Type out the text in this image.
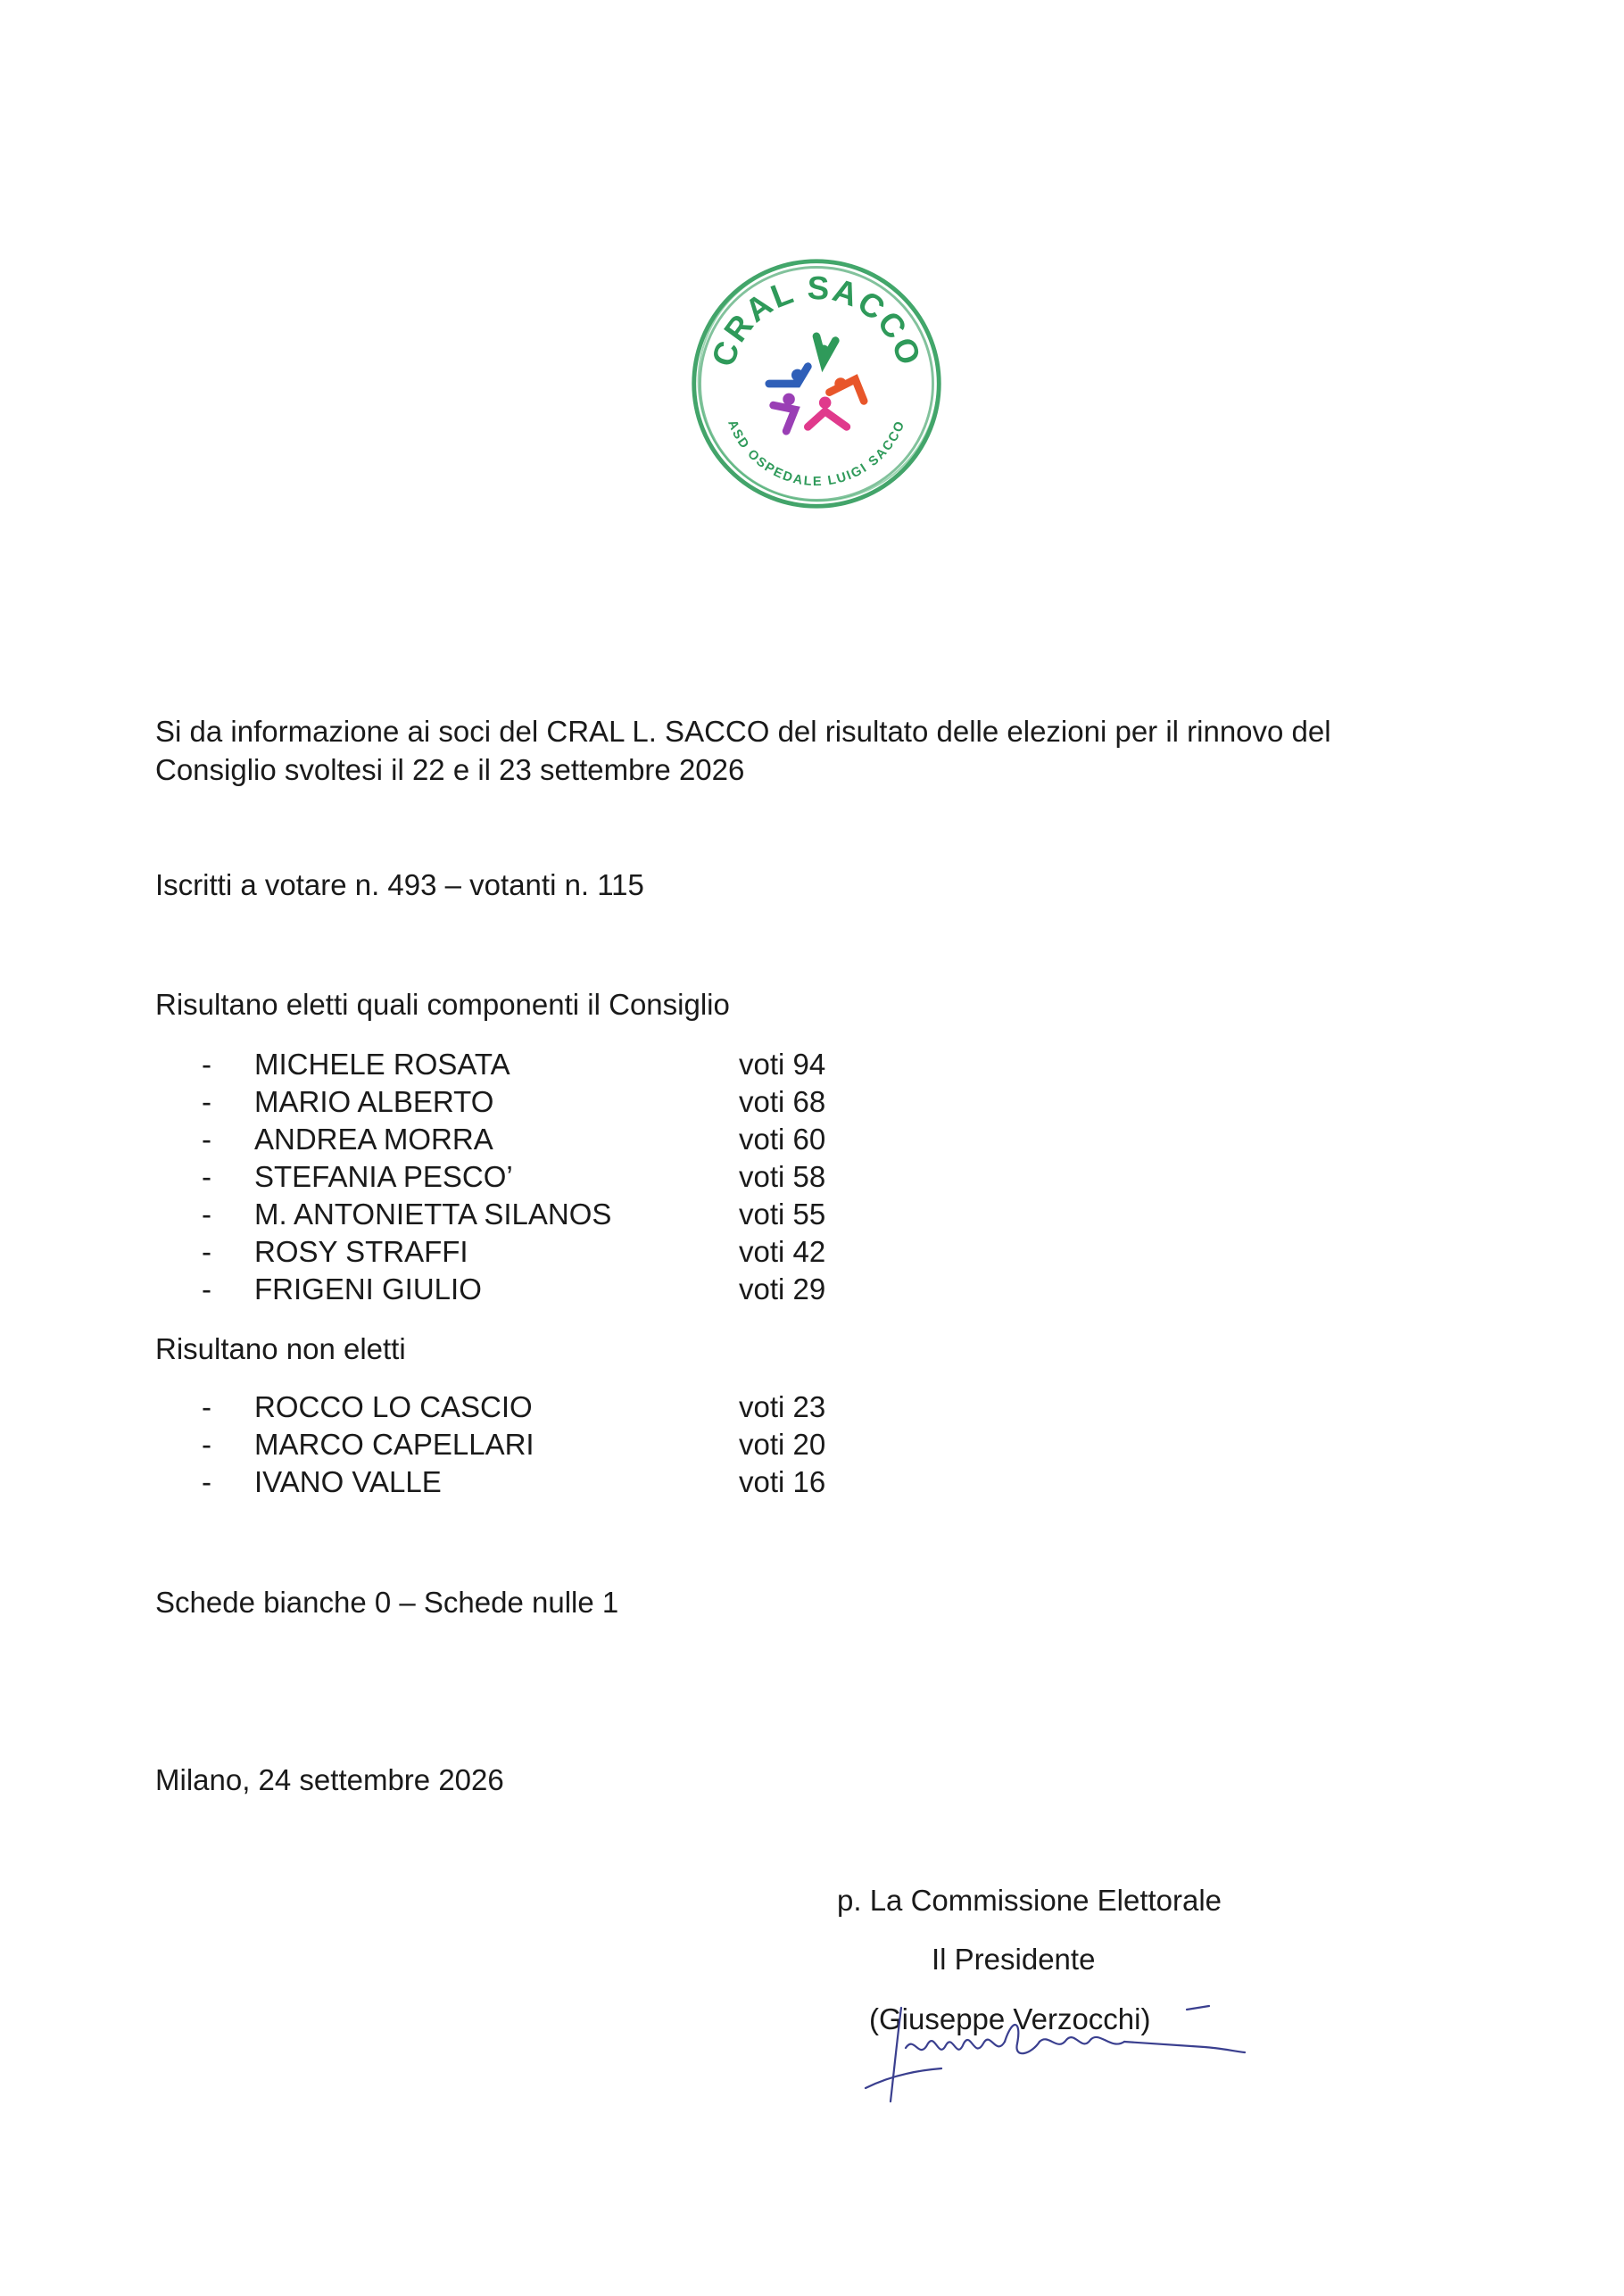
CRAL SACCO
ASD OSPEDALE LUIGI SACCO
Si da informazione ai soci del CRAL L. SACCO del risultato delle elezioni per il rinnovo del
Consiglio svoltesi il 22 e il 23 settembre 2026
Iscritti a votare n. 493 – votanti n. 115
Risultano eletti quali componenti il Consiglio
- MICHELE ROSATA	voti 94
- MARIO ALBERTO	voti 68
- ANDREA MORRA	voti 60
- STEFANIA PESCO’	voti 58
- M. ANTONIETTA SILANOS	voti 55
- ROSY STRAFFI	voti 42
- FRIGENI GIULIO	voti 29
Risultano non eletti
- ROCCO LO CASCIO	voti 23
- MARCO CAPELLARI	voti 20
- IVANO VALLE	voti 16
Schede bianche 0 – Schede nulle 1
Milano, 24 settembre 2026
p. La Commissione Elettorale
Il Presidente
(Giuseppe Verzocchi)
